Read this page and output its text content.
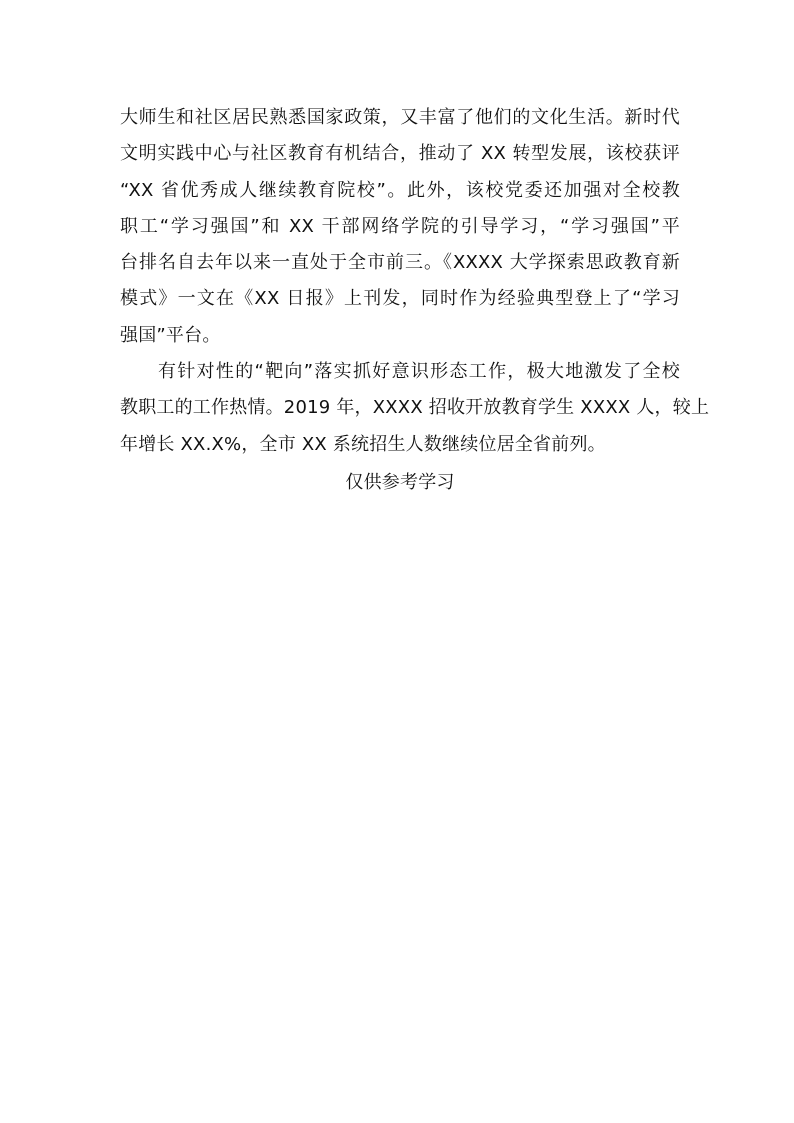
大师生和社区居民熟悉国家政策，又丰富了他们的文化生活。新时代
文明实践中心与社区教育有机结合，推动了 XX 转型发展，该校获评
“XX 省优秀成人继续教育院校”。此外，该校党委还加强对全校教
职工“学习强国”和 XX 干部网络学院的引导学习，“学习强国”平
台排名自去年以来一直处于全市前三。《XXXX 大学探索思政教育新
模式》一文在《XX 日报》上刊发，同时作为经验典型登上了“学习
强国”平台。
有针对性的“靶向”落实抓好意识形态工作，极大地激发了全校
教职工的工作热情。2019 年，XXXX 招收开放教育学生 XXXX 人，较上
年增长 XX.X%，全市 XX 系统招生人数继续位居全省前列。
仅供参考学习
